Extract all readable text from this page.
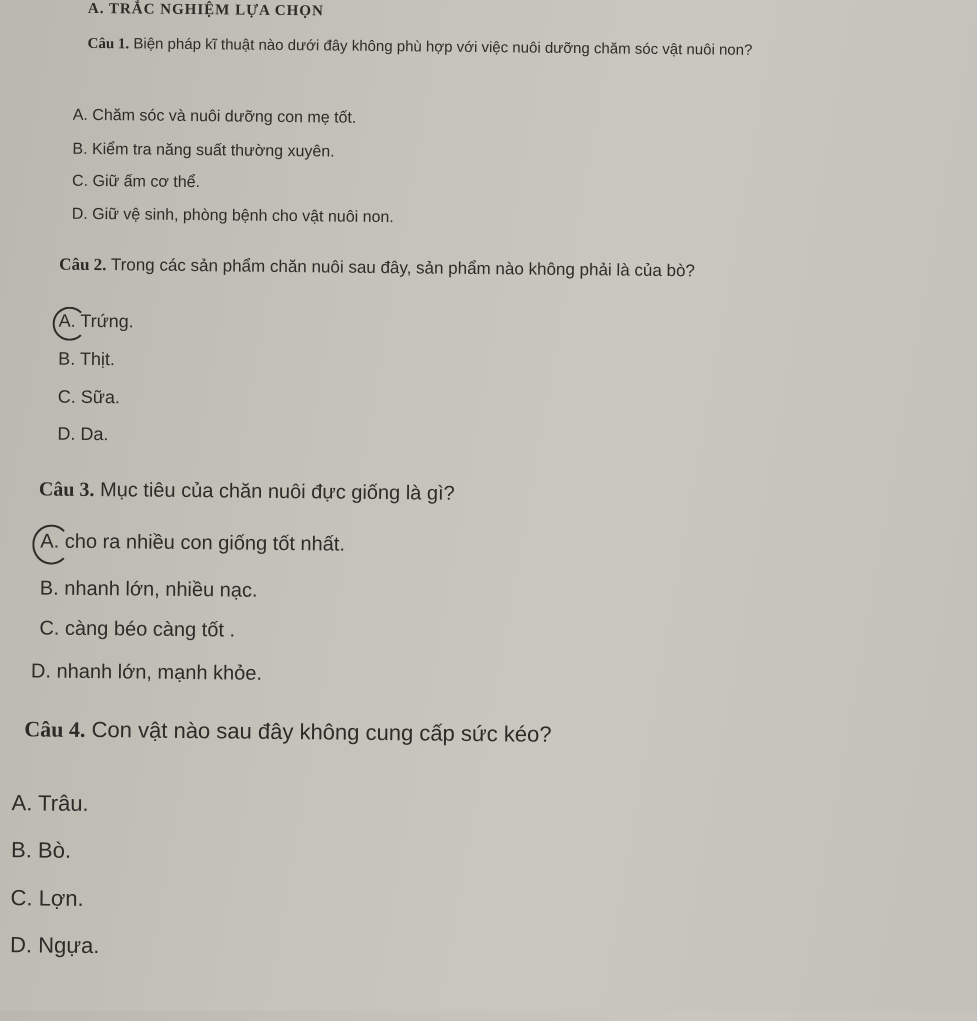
A. TRẮC NGHIỆM LỰA CHỌN
Câu 1. Biện pháp kĩ thuật nào dưới đây không phù hợp với việc nuôi dưỡng chăm sóc vật nuôi non?
A. Chăm sóc và nuôi dưỡng con mẹ tốt.
B. Kiểm tra năng suất thường xuyên.
C. Giữ ấm cơ thể.
D. Giữ vệ sinh, phòng bệnh cho vật nuôi non.
Câu 2. Trong các sản phẩm chăn nuôi sau đây, sản phẩm nào không phải là của bò?
A. Trứng.
B. Thịt.
C. Sữa.
D. Da.
Câu 3. Mục tiêu của chăn nuôi đực giống là gì?
A. cho ra nhiều con giống tốt nhất.
B. nhanh lớn, nhiều nạc.
C. càng béo càng tốt .
D. nhanh lớn, mạnh khỏe.
Câu 4. Con vật nào sau đây không cung cấp sức kéo?
A. Trâu.
B. Bò.
C. Lợn.
D. Ngựa.
